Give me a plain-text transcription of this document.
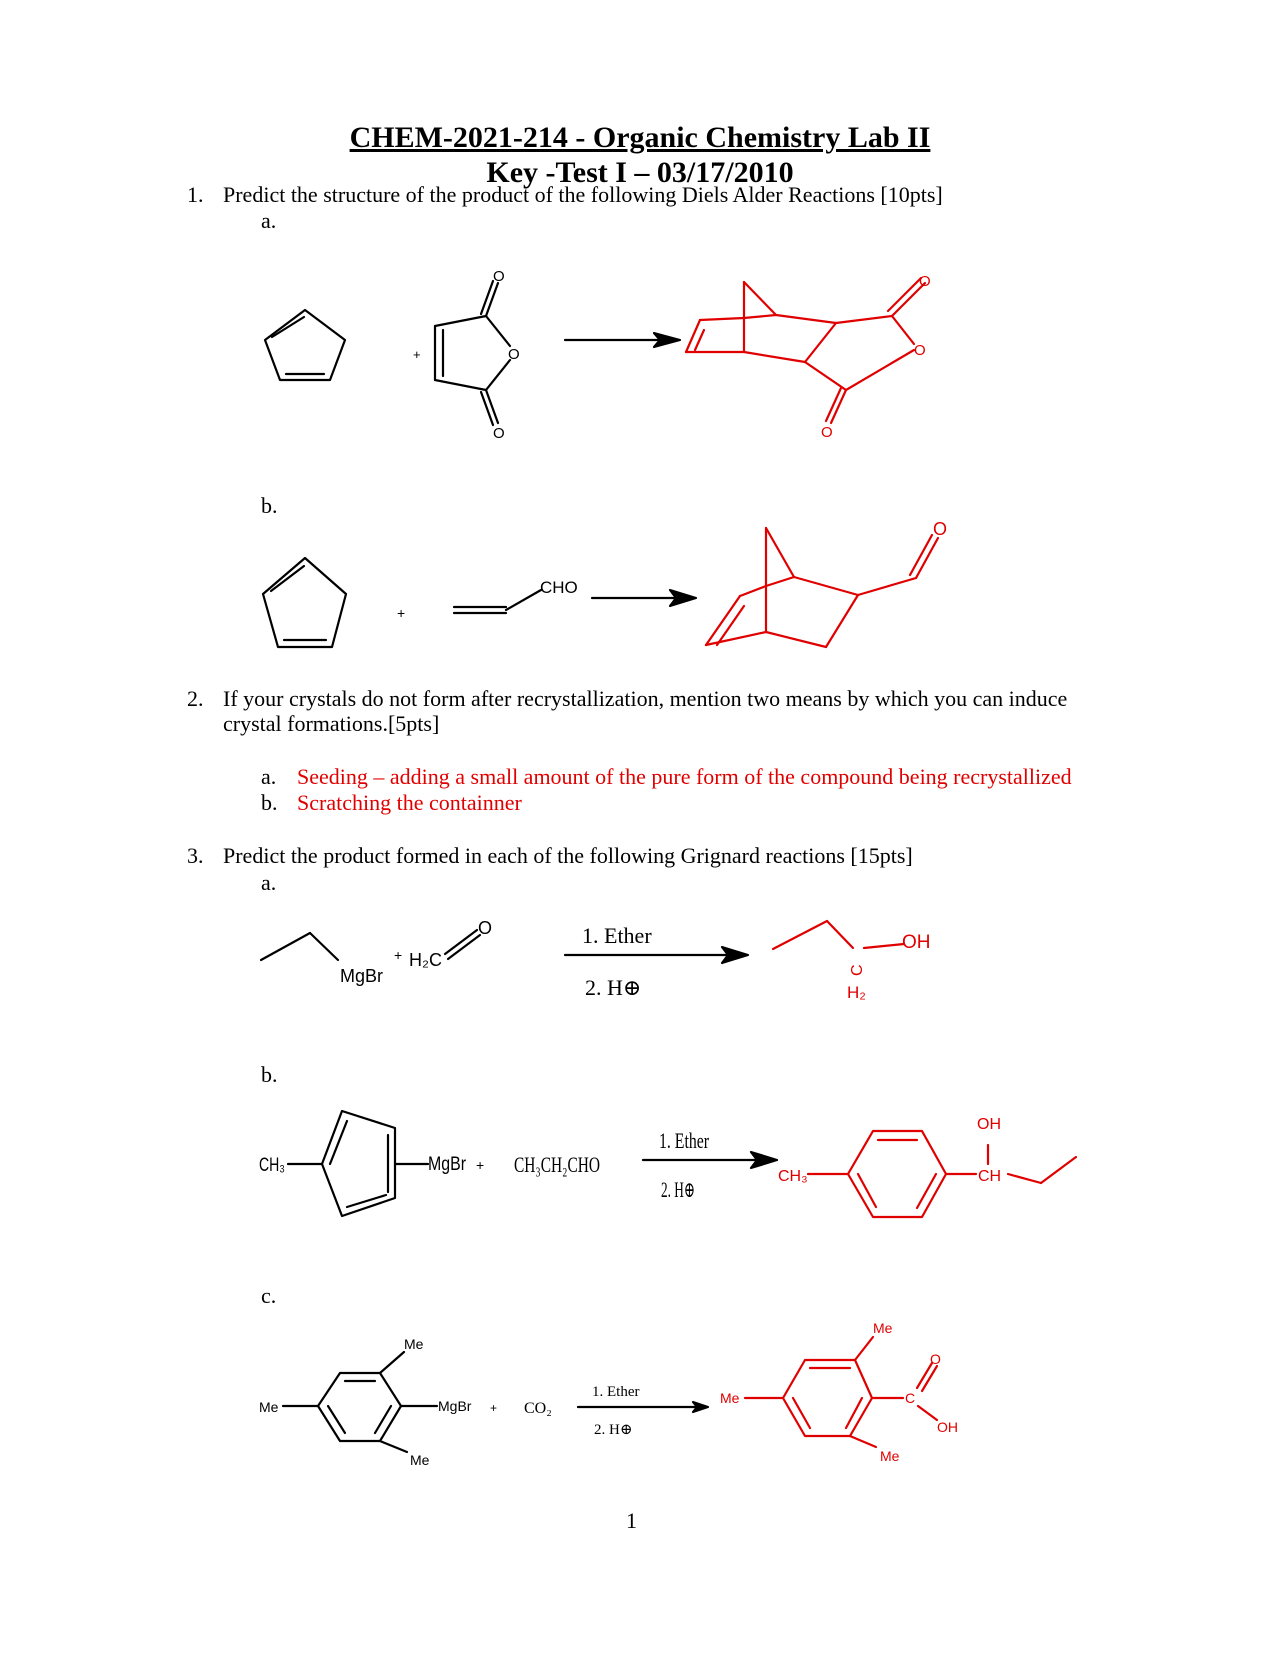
CHEM-2021-214 - Organic Chemistry Lab II
Key -Test I – 03/17/2010
1. Predict the structure of the product of the following Diels Alder Reactions [10pts]
a.
b.
2. If your crystals do not form after recrystallization, mention two means by which you can induce
crystal formations.[5pts]
a. Seeding – adding a small amount of the pure form of the compound being recrystallized
b. Scratching the containner
3. Predict the product formed in each of the following Grignard reactions [15pts]
a.
b.
c.
1
+
O
O
O
O
O
O
+
CHO
O
MgBr
+ H₂C
O	1. Ether
2. H⊕
C
H₂
OH
CH₃	MgBr + CH₃CH₂CHO
1. Ether
2. H⊕
CH₃
OH
CH
Me
Me
Me
MgBr + CO₂
1. Ether
2. H⊕
Me
Me
Me
O
C
OH
